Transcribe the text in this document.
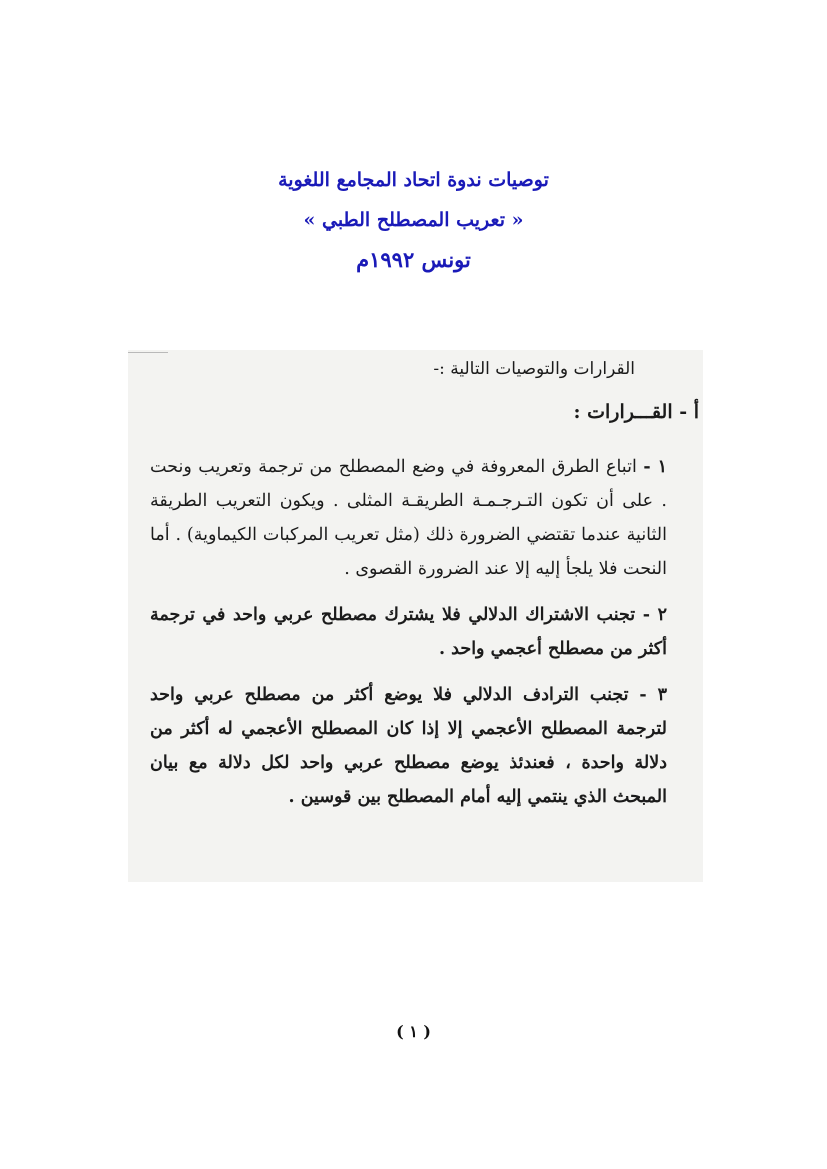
توصيات ندوة اتحاد المجامع اللغوية
« تعريب المصطلح الطبي »
تونس ١٩٩٢م
القرارات والتوصيات التالية :-
أ - القـــرارات :

١ - اتباع الطرق المعروفة في وضع المصطلح من ترجمة وتعريب ونحت . على أن تكون التـرجـمـة الطريقـة المثلى . ويكون التعريب الطريقة الثانية عندما تقتضي الضرورة ذلك (مثل تعريب المركبات الكيماوية) . أما النحت فلا يلجأ إليه إلا عند الضرورة القصوى .

٢ - تجنب الاشتراك الدلالي فلا يشترك مصطلح عربي واحد في ترجمة أكثر من مصطلح أعجمي واحد .

٣ - تجنب الترادف الدلالي فلا يوضع أكثر من مصطلح عربي واحد لترجمة المصطلح الأعجمي إلا إذا كان المصطلح الأعجمي له أكثر من دلالة واحدة ، فعندئذ يوضع مصطلح عربي واحد لكل دلالة مع بيان المبحث الذي ينتمي إليه أمام المصطلح بين قوسين .

( ١ )
